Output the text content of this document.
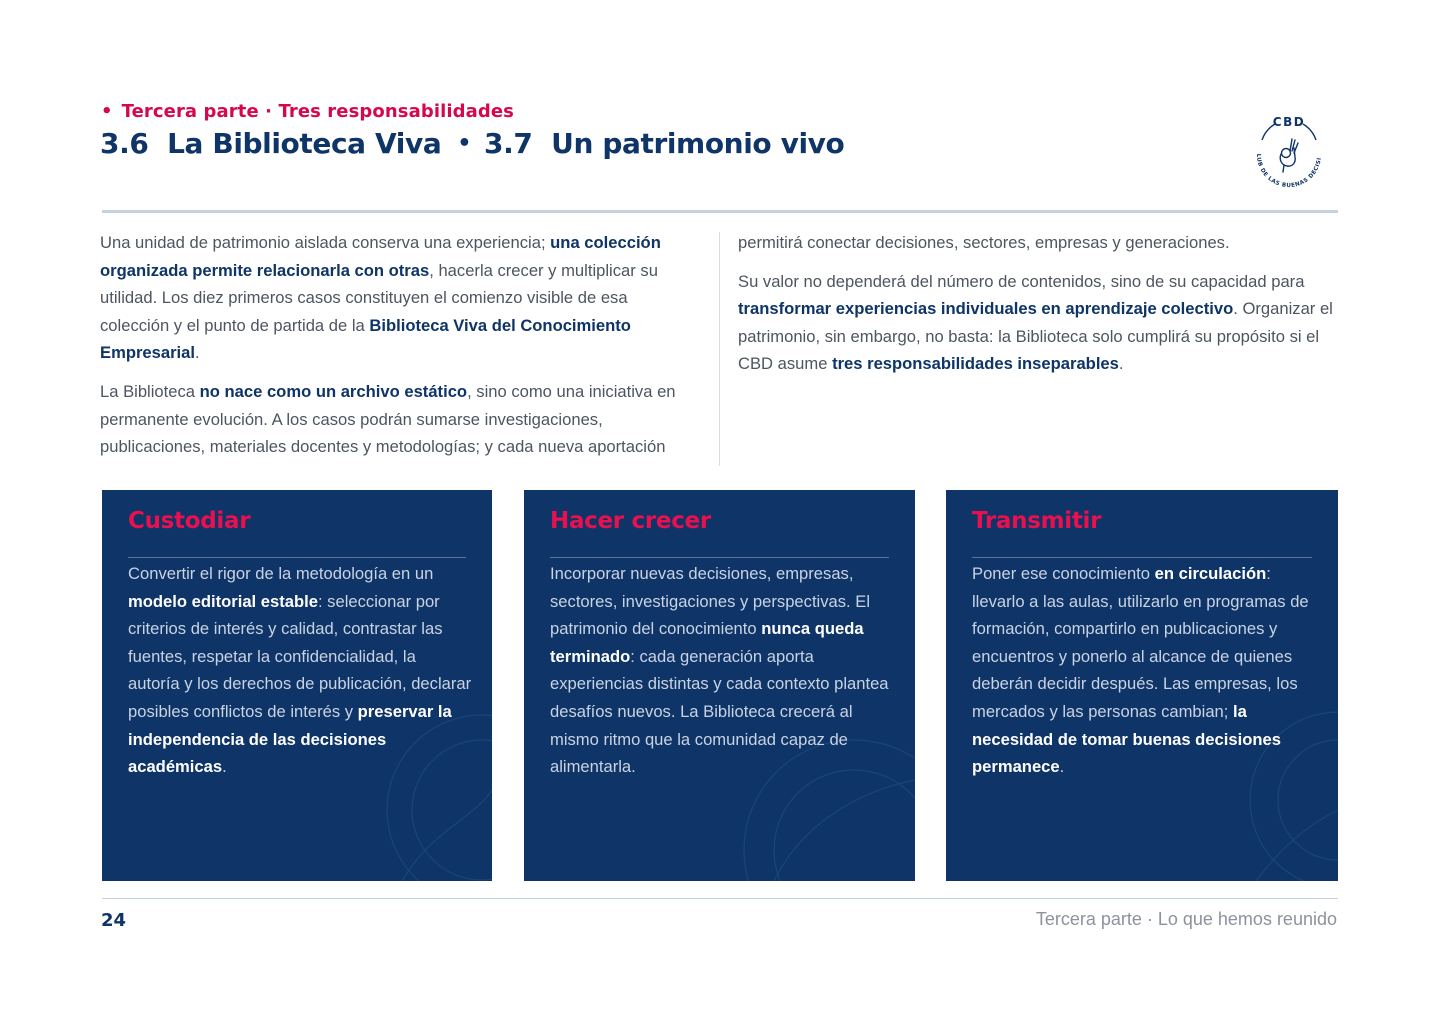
• Tercera parte · Tres responsabilidades
3.6  La Biblioteca Viva • 3.7  Un patrimonio vivo
CBD
LUB DE LAS BUENAS DECISI

Una unidad de patrimonio aislada conserva una experiencia; una colección organizada permite relacionarla con otras, hacerla crecer y multiplicar su utilidad. Los diez primeros casos constituyen el comienzo visible de esa colección y el punto de partida de la Biblioteca Viva del Conocimiento Empresarial.

La Biblioteca no nace como un archivo estático, sino como una iniciativa en permanente evolución. A los casos podrán sumarse investigaciones, publicaciones, materiales docentes y metodologías; y cada nueva aportación

permitirá conectar decisiones, sectores, empresas y generaciones.

Su valor no dependerá del número de contenidos, sino de su capacidad para transformar experiencias individuales en aprendizaje colectivo. Organizar el patrimonio, sin embargo, no basta: la Biblioteca solo cumplirá su propósito si el CBD asume tres responsabilidades inseparables.

Custodiar
Convertir el rigor de la metodología en un modelo editorial estable: seleccionar por criterios de interés y calidad, contrastar las fuentes, respetar la confidencialidad, la autoría y los derechos de publicación, declarar posibles conflictos de interés y preservar la independencia de las decisiones académicas.
Hacer crecer
Incorporar nuevas decisiones, empresas, sectores, investigaciones y perspectivas. El patrimonio del conocimiento nunca queda terminado: cada generación aporta experiencias distintas y cada contexto plantea desafíos nuevos. La Biblioteca crecerá al mismo ritmo que la comunidad capaz de alimentarla.
Transmitir
Poner ese conocimiento en circulación: llevarlo a las aulas, utilizarlo en programas de formación, compartirlo en publicaciones y encuentros y ponerlo al alcance de quienes deberán decidir después. Las empresas, los mercados y las personas cambian; la necesidad de tomar buenas decisiones permanece.
24	Tercera parte · Lo que hemos reunido
